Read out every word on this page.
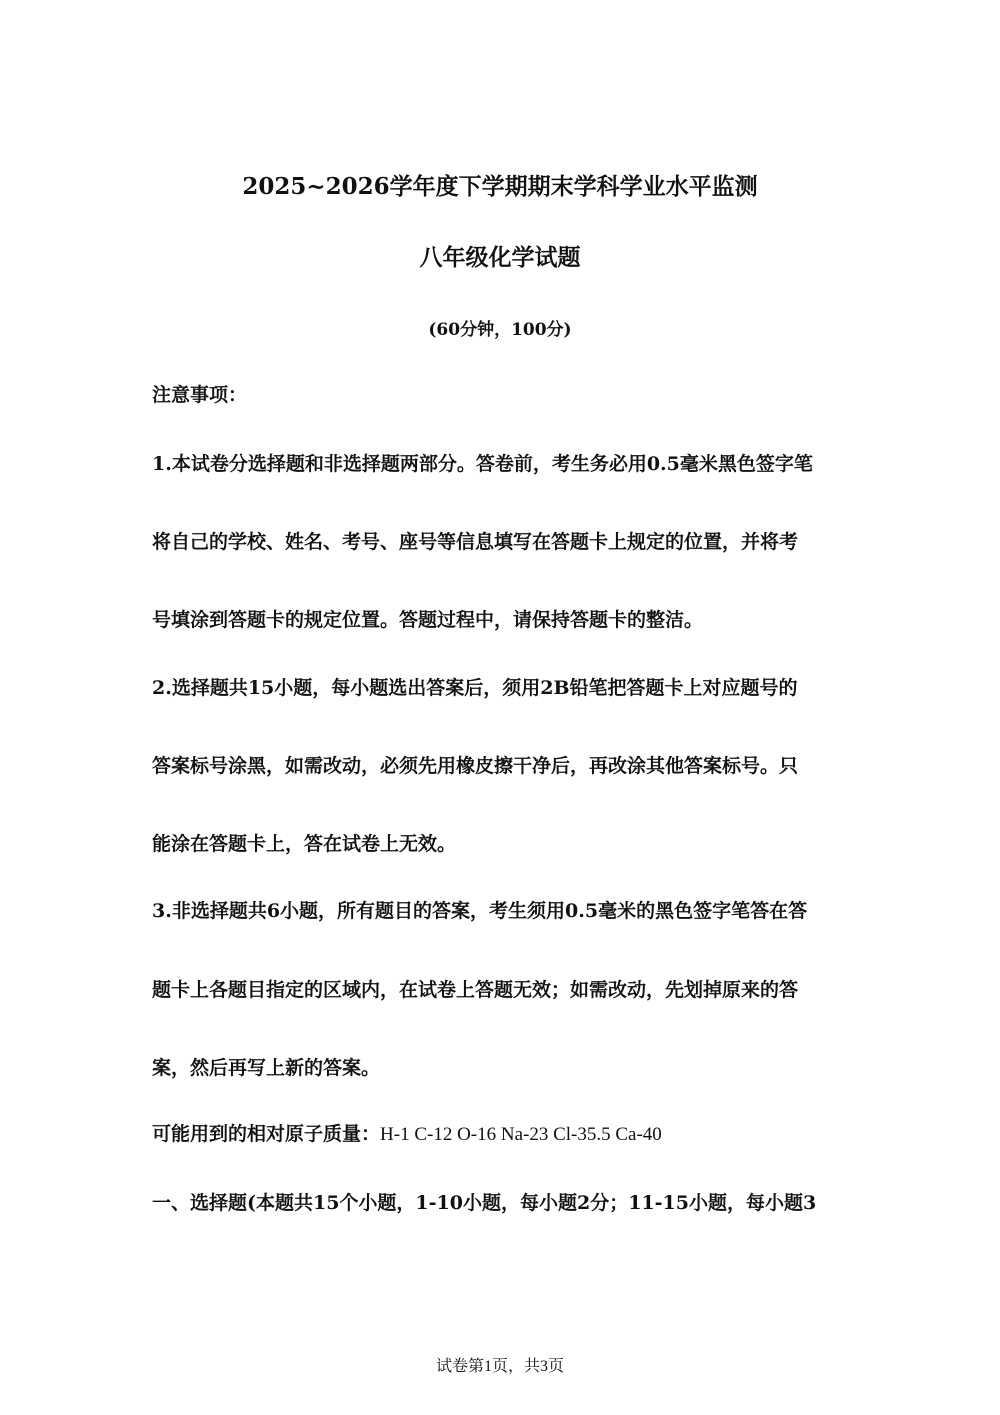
2025~2026学年度下学期期末学科学业水平监测
八年级化学试题
(60分钟，100分)
注意事项：
1.本试卷分选择题和非选择题两部分。答卷前，考生务必用0.5毫米黑色签字笔
将自己的学校、姓名、考号、座号等信息填写在答题卡上规定的位置，并将考
号填涂到答题卡的规定位置。答题过程中，请保持答题卡的整洁。
2.选择题共15小题，每小题选出答案后，须用2B铅笔把答题卡上对应题号的
答案标号涂黑，如需改动，必须先用橡皮擦干净后，再改涂其他答案标号。只
能涂在答题卡上，答在试卷上无效。
3.非选择题共6小题，所有题目的答案，考生须用0.5毫米的黑色签字笔答在答
题卡上各题目指定的区域内，在试卷上答题无效；如需改动，先划掉原来的答
案，然后再写上新的答案。
可能用到的相对原子质量：H-1 C-12 O-16 Na-23 Cl-35.5 Ca-40
一、选择题(本题共15个小题，1-10小题，每小题2分；11-15小题，每小题3
试卷第1页，共3页
